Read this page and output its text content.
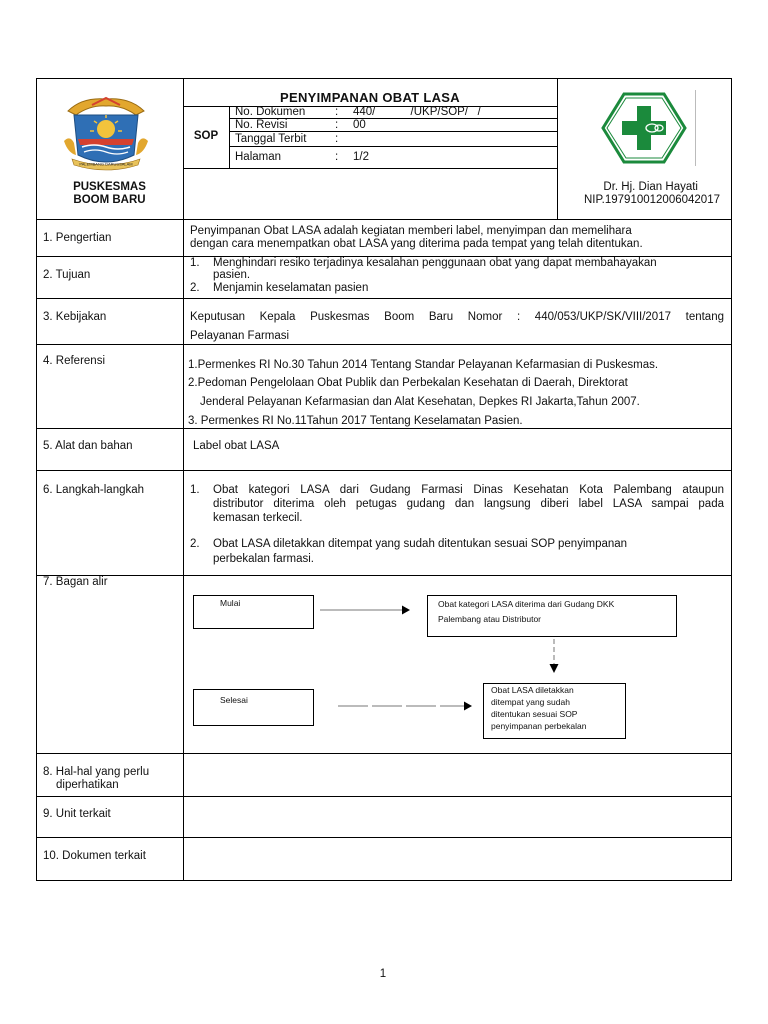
PALEMBANG DARUSSALAM
PUSKESMAS
BOOM BARU
PENYIMPANAN OBAT LASA
SOP
No. Dokumen	: 440/           /UKP/SOP/   /
No. Revisi	: 00
Tanggal Terbit :
Halaman	: 1/2
Dr. Hj. Dian Hayati
NIP.197910012006042017
1. Pengertian
Penyimpanan Obat LASA adalah kegiatan memberi label, menyimpan dan memelihara
dengan cara menempatkan obat LASA yang diterima pada tempat yang telah ditentukan.
2. Tujuan
1. Menghindari resiko terjadinya kesalahan penggunaan obat yang dapat membahayakan
pasien.
2. Menjamin keselamatan pasien
3. Kebijakan	Keputusan Kepala Puskesmas Boom Baru Nomor : 440/053/UKP/SK/VIII/2017 tentang
Pelayanan Farmasi
4. Referensi	1.Permenkes RI No.30 Tahun 2014 Tentang Standar Pelayanan Kefarmasian di Puskesmas.
2.Pedoman Pengelolaan Obat Publik dan Perbekalan Kesehatan di Daerah, Direktorat
Jenderal Pelayanan Kefarmasian dan Alat Kesehatan, Depkes RI Jakarta,Tahun 2007.
3. Permenkes RI No.11Tahun 2017 Tentang Keselamatan Pasien.
5. Alat dan bahan	Label obat LASA
6. Langkah-langkah	1. Obat kategori LASA dari Gudang Farmasi Dinas Kesehatan Kota Palembang ataupun
distributor diterima oleh petugas gudang dan langsung diberi label LASA sampai pada
kemasan terkecil.
2. Obat LASA diletakkan ditempat yang sudah ditentukan sesuai SOP penyimpanan
perbekalan farmasi.
7. Bagan alir
Mulai	Obat kategori LASA diterima dari Gudang DKK
Palembang atau Distributor
Selesai
Obat LASA diletakkan
ditempat yang sudah
ditentukan sesuai SOP
penyimpanan perbekalan
8. Hal-hal yang perlu
diperhatikan
9. Unit terkait
10. Dokumen terkait
1
